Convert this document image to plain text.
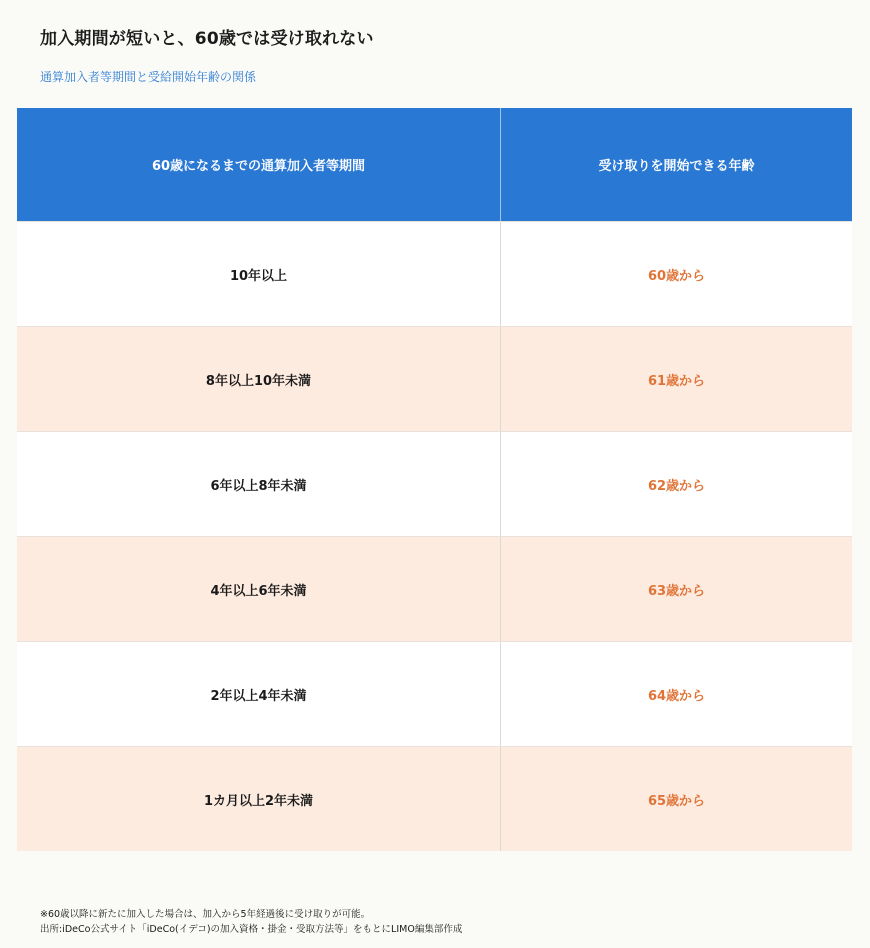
加入期間が短いと、60歳では受け取れない
通算加入者等期間と受給開始年齢の関係
60歳になるまでの通算加入者等期間	受け取りを開始できる年齢
10年以上	60歳から
8年以上10年未満	61歳から
6年以上8年未満	62歳から
4年以上6年未満	63歳から
2年以上4年未満	64歳から
1カ月以上2年未満	65歳から
※60歳以降に新たに加入した場合は、加入から5年経過後に受け取りが可能。
出所:iDeCo公式サイト「iDeCo(イデコ)の加入資格・掛金・受取方法等」をもとにLIMO編集部作成
